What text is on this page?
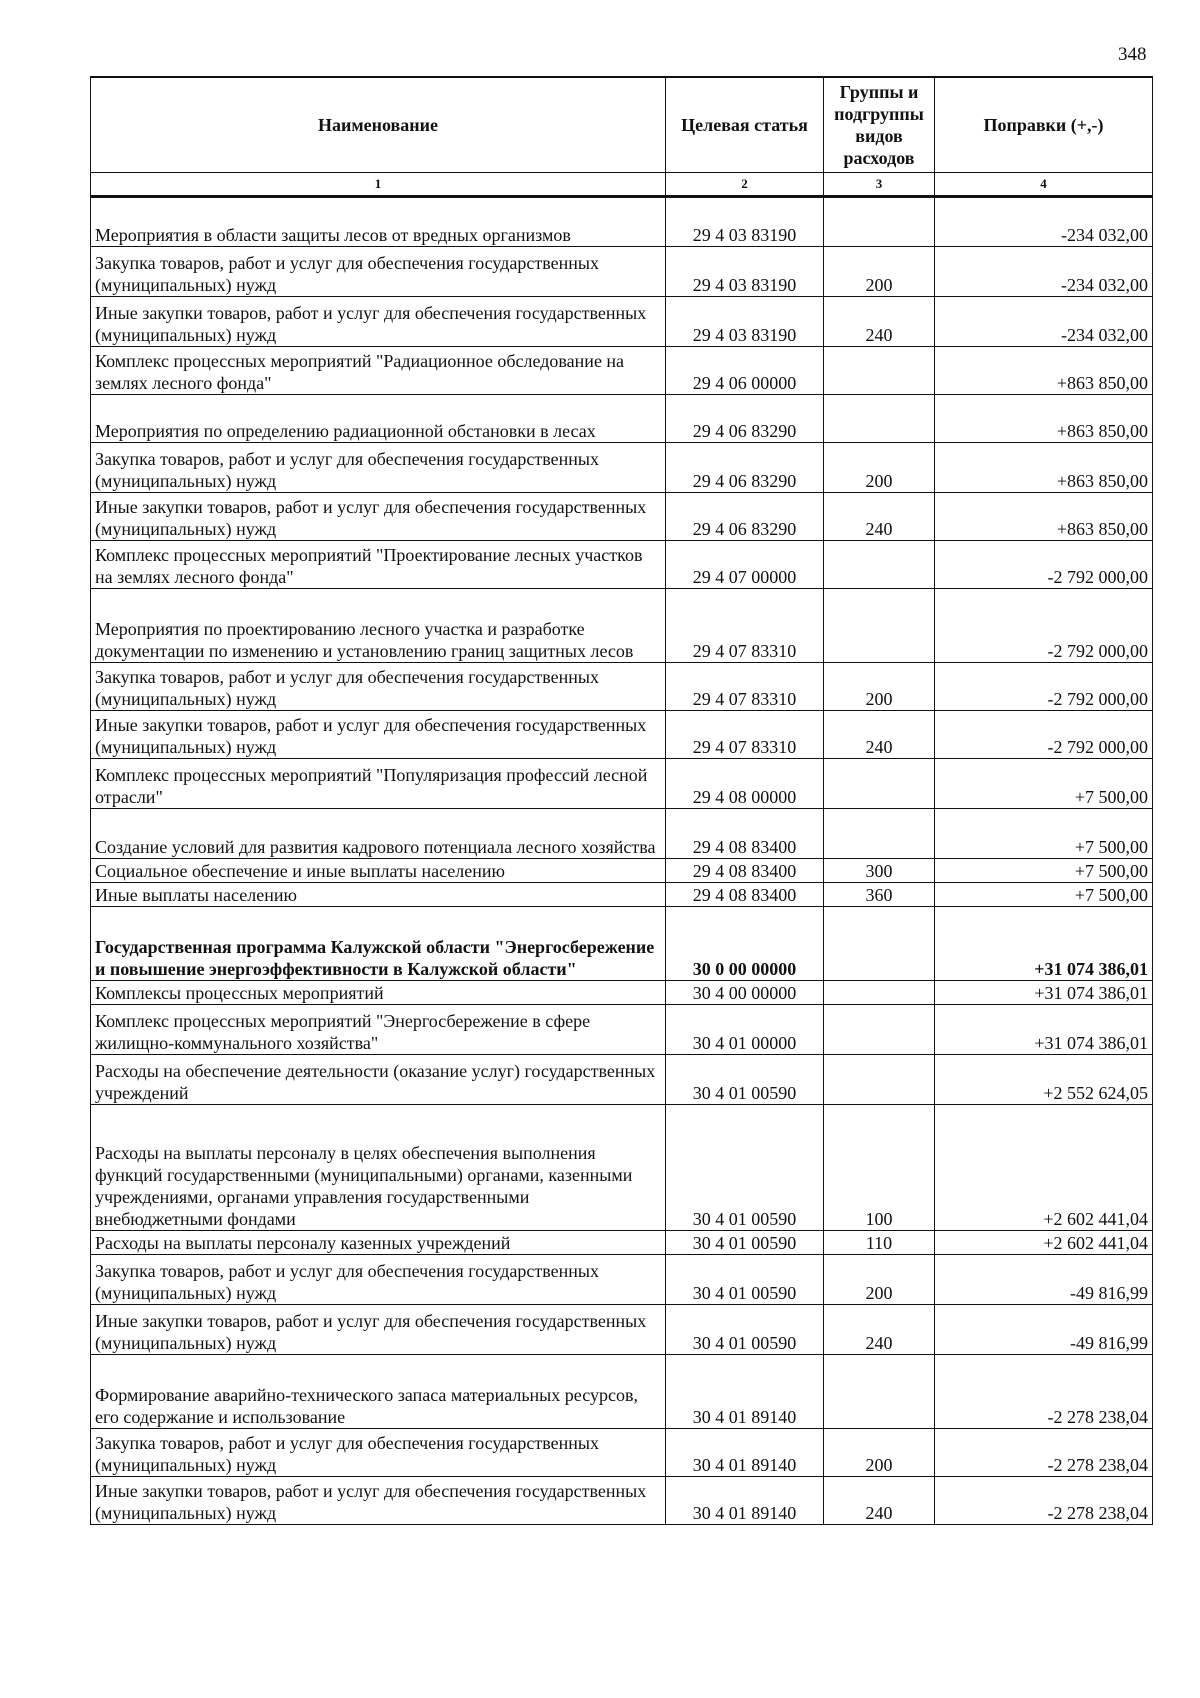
348
Наименование	Целевая статья	Группы и подгруппы видов расходов	Поправки (+,-)
1	2	3	4
Мероприятия в области защиты лесов от вредных организмов	29 4 03 83190		-234 032,00
Закупка товаров, работ и услуг для обеспечения государственных (муниципальных) нужд	29 4 03 83190	200	-234 032,00
Иные закупки товаров, работ и услуг для обеспечения государственных (муниципальных) нужд	29 4 03 83190	240	-234 032,00
Комплекс процессных мероприятий "Радиационное обследование на землях лесного фонда"	29 4 06 00000		+863 850,00
Мероприятия по определению радиационной обстановки в лесах	29 4 06 83290		+863 850,00
Закупка товаров, работ и услуг для обеспечения государственных (муниципальных) нужд	29 4 06 83290	200	+863 850,00
Иные закупки товаров, работ и услуг для обеспечения государственных (муниципальных) нужд	29 4 06 83290	240	+863 850,00
Комплекс процессных мероприятий "Проектирование лесных участков на землях лесного фонда"	29 4 07 00000		-2 792 000,00
Мероприятия по проектированию лесного участка и разработке документации по изменению и установлению границ защитных лесов	29 4 07 83310		-2 792 000,00
Закупка товаров, работ и услуг для обеспечения государственных (муниципальных) нужд	29 4 07 83310	200	-2 792 000,00
Иные закупки товаров, работ и услуг для обеспечения государственных (муниципальных) нужд	29 4 07 83310	240	-2 792 000,00
Комплекс процессных мероприятий "Популяризация профессий лесной отрасли"	29 4 08 00000		+7 500,00
Создание условий для развития кадрового потенциала лесного хозяйства	29 4 08 83400		+7 500,00
Социальное обеспечение и иные выплаты населению	29 4 08 83400	300	+7 500,00
Иные выплаты населению	29 4 08 83400	360	+7 500,00
Государственная программа Калужской области "Энергосбережение и повышение энергоэффективности в Калужской области"	30 0 00 00000		+31 074 386,01
Комплексы процессных мероприятий	30 4 00 00000		+31 074 386,01
Комплекс процессных мероприятий "Энергосбережение в сфере жилищно-коммунального хозяйства"	30 4 01 00000		+31 074 386,01
Расходы на обеспечение деятельности (оказание услуг) государственных учреждений	30 4 01 00590		+2 552 624,05
Расходы на выплаты персоналу в целях обеспечения выполнения функций государственными (муниципальными) органами, казенными учреждениями, органами управления государственными внебюджетными фондами	30 4 01 00590	100	+2 602 441,04
Расходы на выплаты персоналу казенных учреждений	30 4 01 00590	110	+2 602 441,04
Закупка товаров, работ и услуг для обеспечения государственных (муниципальных) нужд	30 4 01 00590	200	-49 816,99
Иные закупки товаров, работ и услуг для обеспечения государственных (муниципальных) нужд	30 4 01 00590	240	-49 816,99
Формирование аварийно-технического запаса материальных ресурсов, его содержание и использование	30 4 01 89140		-2 278 238,04
Закупка товаров, работ и услуг для обеспечения государственных (муниципальных) нужд	30 4 01 89140	200	-2 278 238,04
Иные закупки товаров, работ и услуг для обеспечения государственных (муниципальных) нужд	30 4 01 89140	240	-2 278 238,04
